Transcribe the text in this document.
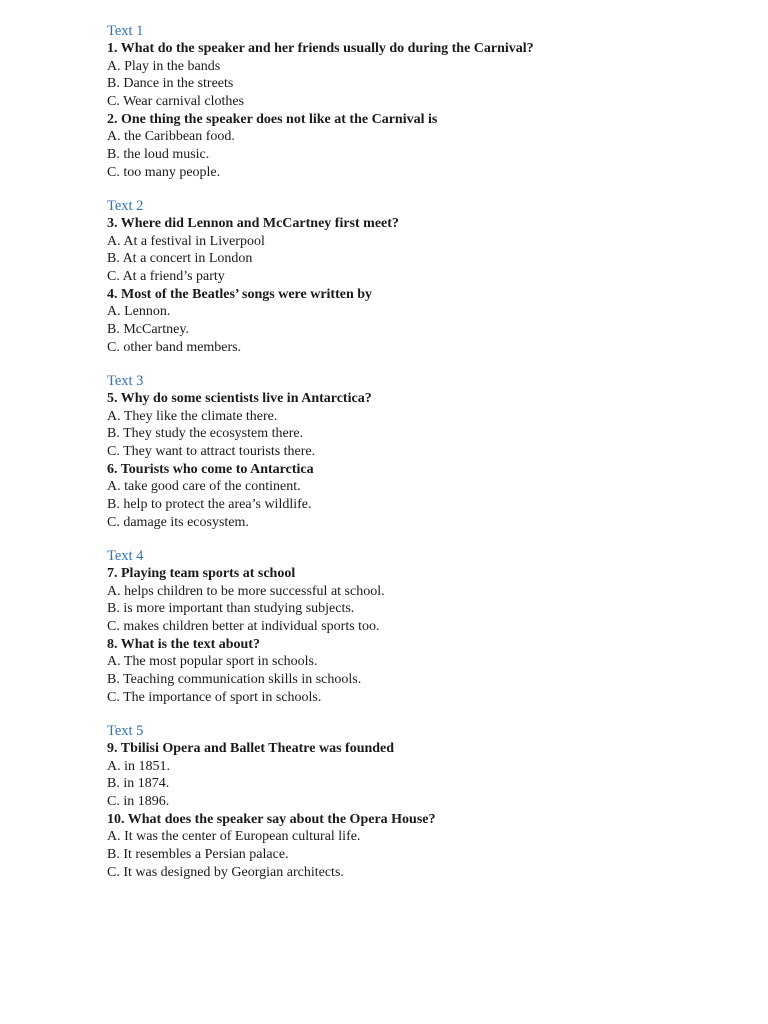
Text 1
1. What do the speaker and her friends usually do during the Carnival?
A. Play in the bands
B. Dance in the streets
C. Wear carnival clothes
2. One thing the speaker does not like at the Carnival is
A. the Caribbean food.
B. the loud music.
C. too many people.
Text 2
3. Where did Lennon and McCartney first meet?
A. At a festival in Liverpool
B. At a concert in London
C. At a friend’s party
4. Most of the Beatles’ songs were written by
A. Lennon.
B. McCartney.
C. other band members.
Text 3
5. Why do some scientists live in Antarctica?
A. They like the climate there.
B. They study the ecosystem there.
C. They want to attract tourists there.
6. Tourists who come to Antarctica
A. take good care of the continent.
B. help to protect the area’s wildlife.
C. damage its ecosystem.
Text 4
7. Playing team sports at school
A. helps children to be more successful at school.
B. is more important than studying subjects.
C. makes children better at individual sports too.
8. What is the text about?
A. The most popular sport in schools.
B. Teaching communication skills in schools.
C. The importance of sport in schools.
Text 5
9. Tbilisi Opera and Ballet Theatre was founded
A. in 1851.
B. in 1874.
C. in 1896.
10. What does the speaker say about the Opera House?
A. It was the center of European cultural life.
B. It resembles a Persian palace.
C. It was designed by Georgian architects.
